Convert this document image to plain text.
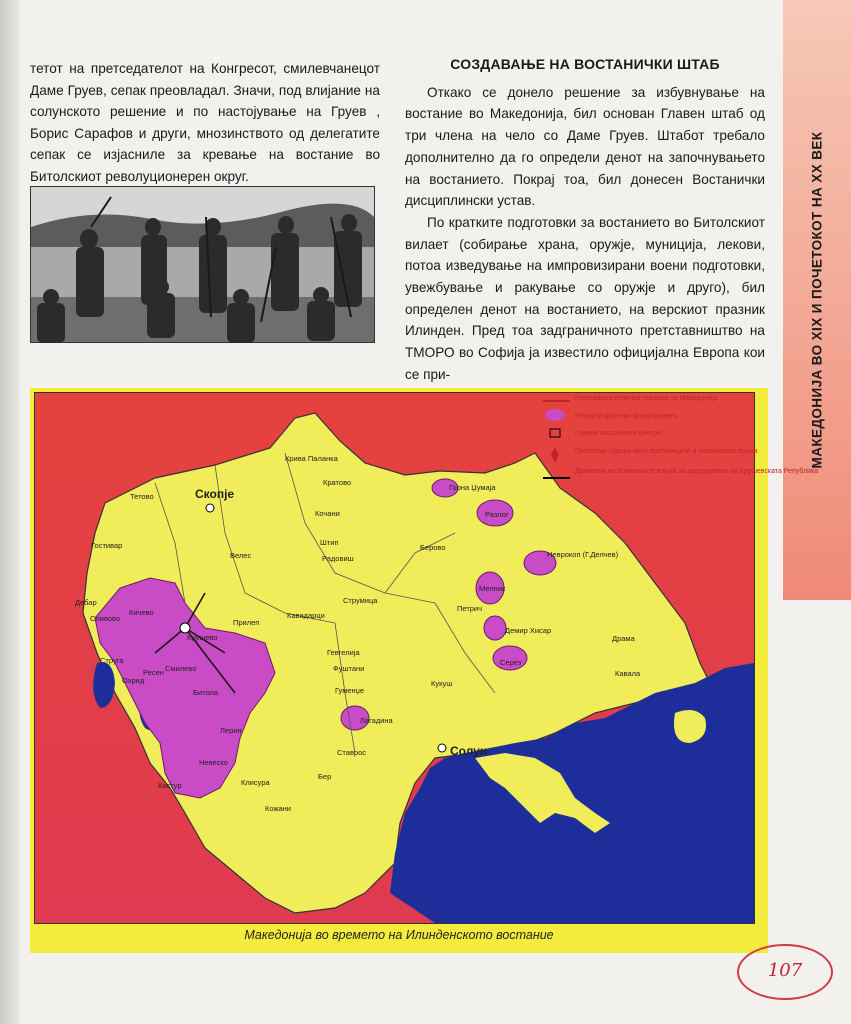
тетот на претседателот на Конгресот, смилевчанецот Даме Груев, сепак преовладал. Значи, под влијание на солунското решение и по настојување на Груев , Борис Сарафов и други, мнозинството од делегатите сепак се изјасниле за кревање на востание во Битолскиот револуционерен округ.
СОЗДАВАЊЕ НА ВОСТАНИЧКИ ШТАБ

Откако се донело решение за избувнување на востание во Македонија, бил основан Главен штаб од три члена на чело со Даме Груев. Штабот требало дополнително да го определи денот на започнувањето на востанието. Покрај тоа, бил донесен Востанички дисциплински устав.

По кратките подготовки за востанието во Битолскиот вилает (собирање храна, оружје, муниција, лекови, потоа изведување на импровизирани воени подготовки, увежбување и ракување со оружје и друго), бил определен денот на востанието, на верскиот празник Илинден. Пред тоа задграничното претставништво на ТМОРО во Софија ја известило официјална Европа кои се при-	МАКЕДОНИЈА ВО XIX И ПОЧЕТОКОТ НА XX ВЕК
Географско етничка граница на Македонија
Реони опфатени од востанието
Главни востанички центри
Поголеми судири меѓу востаниците и османската војска
Движење на османската војска за задушување на Крушевската Република
Скопје
Солун
Крива Паланка
Кратово
Тетово
Гостивар
Велес
Кочани
Штип
Радовиш
Берово
Горна Џумаја
Разлог
Неврокоп (Г.Делчев)
Дебар
Кичево
Сливово	Прилеп
Крушево
Кавадарци
Струмица
Петрич
Мелник
Драма
Демир Хисар
Струга
Охрид
Ресен Смилево
Битола
Гевгелија
Фуштани
Гуменџе
Кукуш
Серез
Кавала
Лерин
Невеско
Костур	Клисура
Бер
Ставрос
Кожани
Лагадина
Македонија во времето на Илинденското востание
107
